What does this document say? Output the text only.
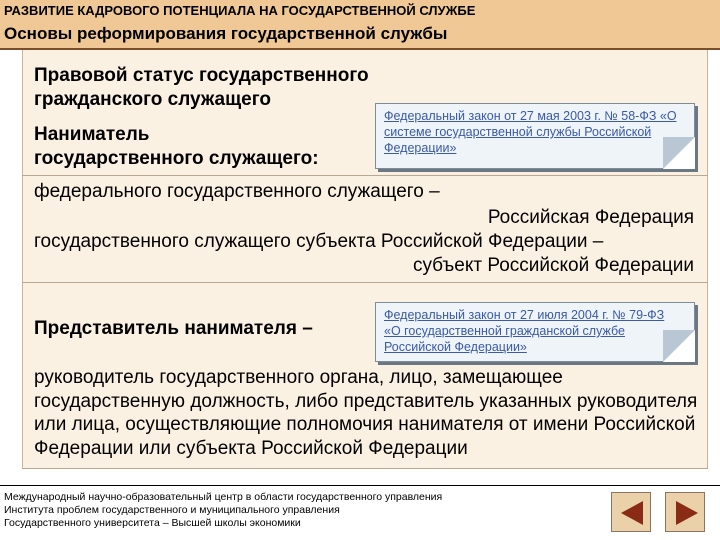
РАЗВИТИЕ КАДРОВОГО ПОТЕНЦИАЛА НА ГОСУДАРСТВЕННОЙ СЛУЖБЕ
Основы реформирования государственной службы
Правовой статус государственного
гражданского служащего
Наниматель
государственного служащего:
Федеральный закон от 27 мая 2003 г. № 58-ФЗ «О системе государственной службы Российской Федерации»
федерального государственного служащего –
Российская Федерация
государственного служащего субъекта Российской Федерации –
субъект Российской Федерации
Представитель нанимателя –
Федеральный закон от 27 июля 2004 г. № 79-ФЗ «О государственной гражданской службе Российской Федерации»
руководитель государственного органа, лицо, замещающее государственную должность, либо представитель указанных руководителя или лица, осуществляющие полномочия нанимателя от имени Российской Федерации или субъекта Российской Федерации
Международный научно-образовательный центр в области государственного управления
Института проблем государственного и муниципального управления
Государственного университета – Высшей школы экономики
